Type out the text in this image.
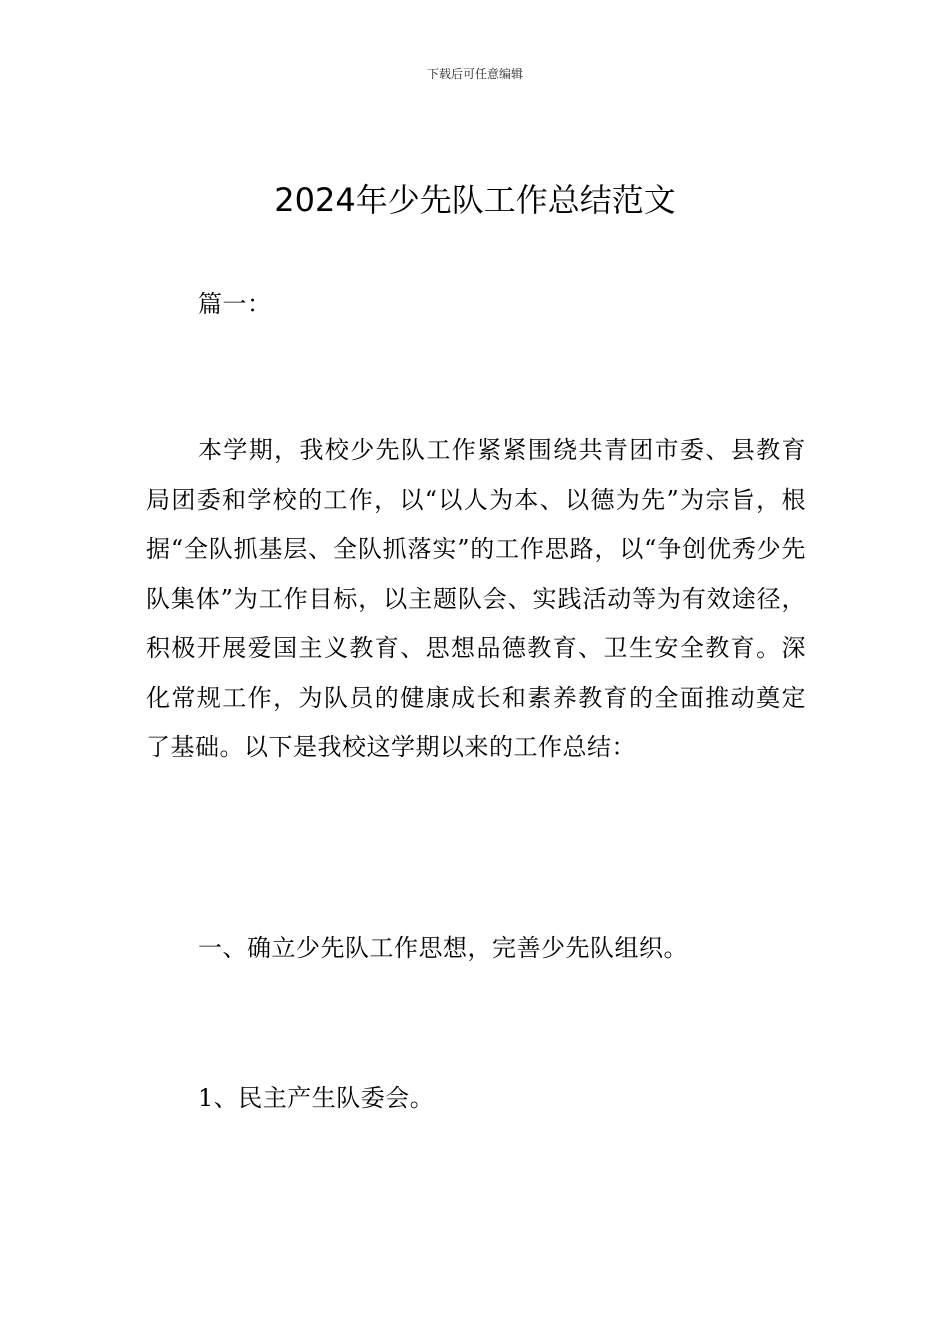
下载后可任意编辑
2024年少先队工作总结范文

篇一：

本学期，我校少先队工作紧紧围绕共青团市委、县教育局团委和学校的工作，以“以人为本、以德为先”为宗旨，根据“全队抓基层、全队抓落实”的工作思路，以“争创优秀少先队集体”为工作目标，以主题队会、实践活动等为有效途径，积极开展爱国主义教育、思想品德教育、卫生安全教育。深化常规工作，为队员的健康成长和素养教育的全面推动奠定了基础。以下是我校这学期以来的工作总结：

一、确立少先队工作思想，完善少先队组织。

1、民主产生队委会。
